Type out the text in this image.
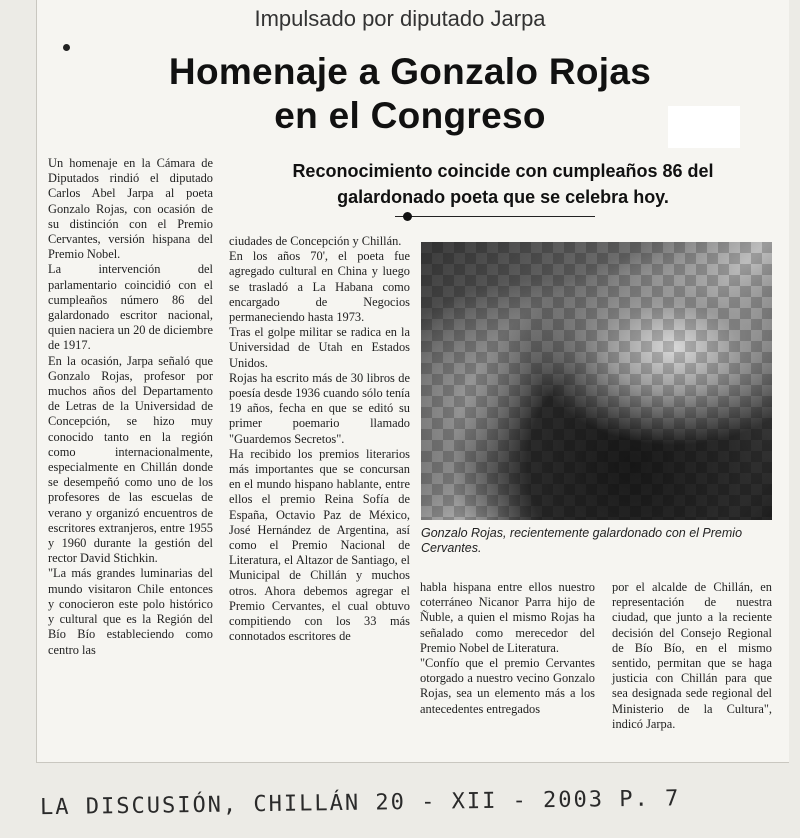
Impulsado por diputado Jarpa
Homenaje a Gonzalo Rojas
en el Congreso
Reconocimiento coincide con cumpleaños 86 del
galardonado poeta que se celebra hoy.

Un homenaje en la Cámara de Diputados rindió el diputado Carlos Abel Jarpa al poeta Gonzalo Rojas, con ocasión de su distinción con el Premio Cervantes, versión hispana del Premio Nobel.

La intervención del parlamentario coincidió con el cumpleaños número 86 del galardonado escritor nacional, quien naciera un 20 de diciembre de 1917.

En la ocasión, Jarpa señaló que Gonzalo Rojas, profesor por muchos años del Departamento de Letras de la Universidad de Concepción, se hizo muy conocido tanto en la región como internacionalmente, especialmente en Chillán donde se desempeñó como uno de los profesores de las escuelas de verano y organizó encuentros de escritores extranjeros, entre 1955 y 1960 durante la gestión del rector David Stichkin.

"La más grandes luminarias del mundo visitaron Chile entonces y conocieron este polo histórico y cultural que es la Región del Bío Bío estableciendo como centro las

ciudades de Concepción y Chillán.

En los años 70', el poeta fue agregado cultural en China y luego se trasladó a La Habana como encargado de Negocios permaneciendo hasta 1973.

Tras el golpe militar se radica en la Universidad de Utah en Estados Unidos.

Rojas ha escrito más de 30 libros de poesía desde 1936 cuando sólo tenía 19 años, fecha en que se editó su primer poemario llamado "Guardemos Secretos".

Ha recibido los premios literarios más importantes que se concursan en el mundo hispano hablante, entre ellos el premio Reina Sofía de España, Octavio Paz de México, José Hernández de Argentina, así como el Premio Nacional de Literatura, el Altazor de Santiago, el Municipal de Chillán y muchos otros. Ahora debemos agregar el Premio Cervantes, el cual obtuvo compitiendo con los 33 más connotados escritores de

Gonzalo Rojas, recientemente galardonado con el Premio Cervantes.

habla hispana entre ellos nuestro coterráneo Nicanor Parra hijo de Ñuble, a quien el mismo Rojas ha señalado como merecedor del Premio Nobel de Literatura.

"Confío que el premio Cervantes otorgado a nuestro vecino Gonzalo Rojas, sea un elemento más a los antecedentes entregados

por el alcalde de Chillán, en representación de nuestra ciudad, que junto a la reciente decisión del Consejo Regional de Bío Bío, en el mismo sentido, permitan que se haga justicia con Chillán para que sea designada sede regional del Ministerio de la Cultura", indicó Jarpa.

LA DISCUSIÓN, CHILLÁN 20 - XII - 2003 P. 7
